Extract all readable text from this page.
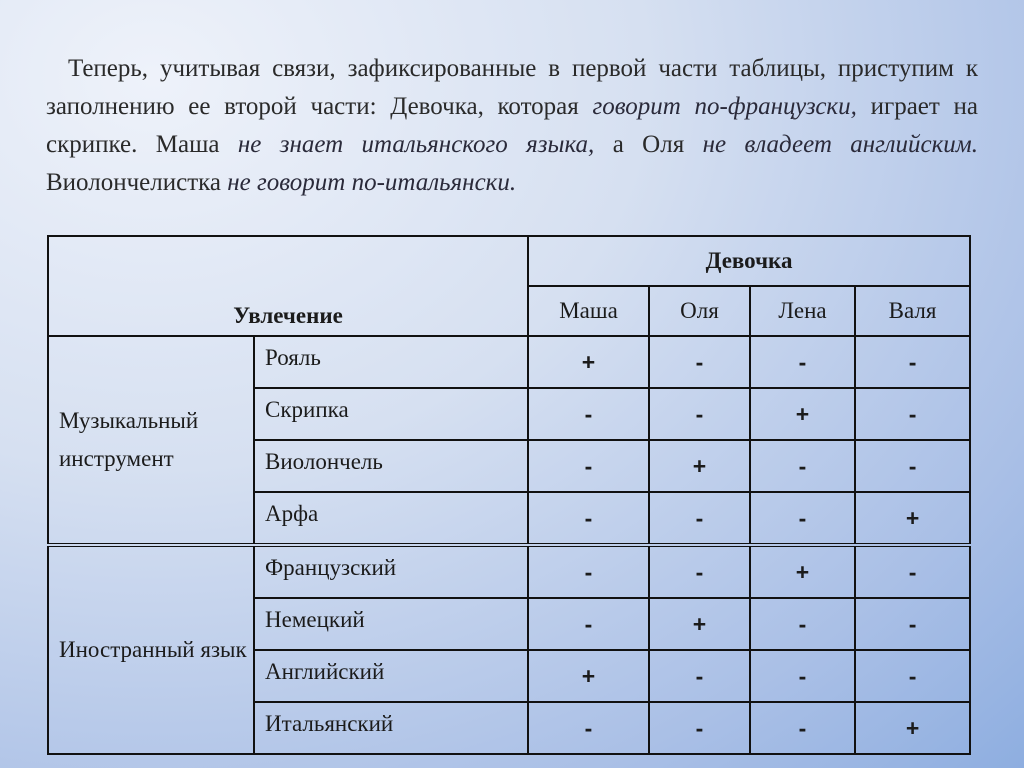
Теперь, учитывая связи, зафиксированные в первой части таблицы, приступим к заполнению ее второй части: Девочка, которая говорит по-французски, играет на скрипке. Маша не знает итальянского языка, а Оля не владеет английским. Виолончелистка не говорит по-итальянски.

Увлечение		Девочка			
		Маша	Оля	Лена	Валя
Музыкальный инструмент	Рояль	+	-	-	-
	Скрипка	-	-	+	-
	Виолончель	-	+	-	-
	Арфа	-	-	-	+
Иностранный язык	Французский	-	-	+	-
	Немецкий	-	+	-	-
	Английский	+	-	-	-
	Итальянский	-	-	-	+
